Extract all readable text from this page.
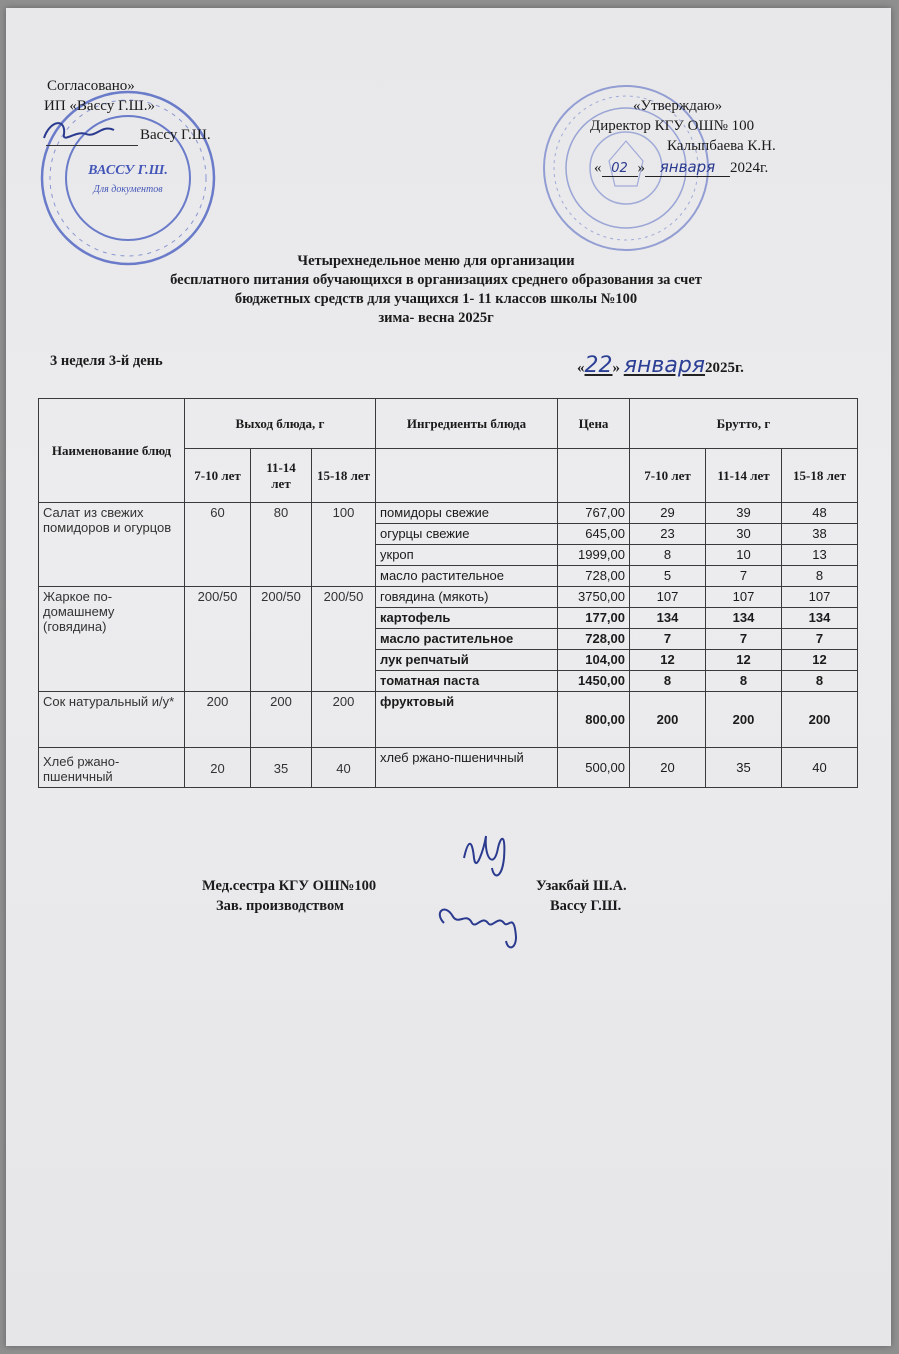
ВАССУ Г.Ш.
Для документов
Согласовано»
ИП «Вассу Г.Ш.»
Вассу Г.Ш.
«Утверждаю»
Директор КГУ ОШ№ 100
Калыпбаева К.Н.
« 02 » января 2024г.
Четырехнедельное меню для организации
бесплатного питания обучающихся в организациях среднего образования за счет
бюджетных средств для учащихся 1- 11 классов школы №100
зима- весна 2025г
3 неделя 3-й день	«22» января2025г.
Наименование блюд	Выход блюда, г			Ингредиенты блюда	Цена	Брутто, г		
	7-10 лет	11-14 лет	15-18 лет			7-10 лет	11-14 лет	15-18 лет
Салат из свежих помидоров и огурцов	60	80	100	помидоры свежие	767,00	29	39	48
				огурцы свежие	645,00	23	30	38
				укроп	1999,00	8	10	13
				масло растительное	728,00	5	7	8
Жаркое по-домашнему (говядина)	200/50	200/50	200/50	говядина (мякоть)	3750,00	107	107	107
				картофель	177,00	134	134	134
				масло растительное	728,00	7	7	7
				лук репчатый	104,00	12	12	12
				томатная паста	1450,00	8	8	8
Сок натуральный и/у*	200	200	200	фруктовый	800,00	200	200	200
Хлеб ржано-пшеничный	20	35	40	хлеб ржано-пшеничный	500,00	20	35	40
Мед.сестра КГУ ОШ№100
Зав. производством
Узакбай Ш.А.
Вассу Г.Ш.
